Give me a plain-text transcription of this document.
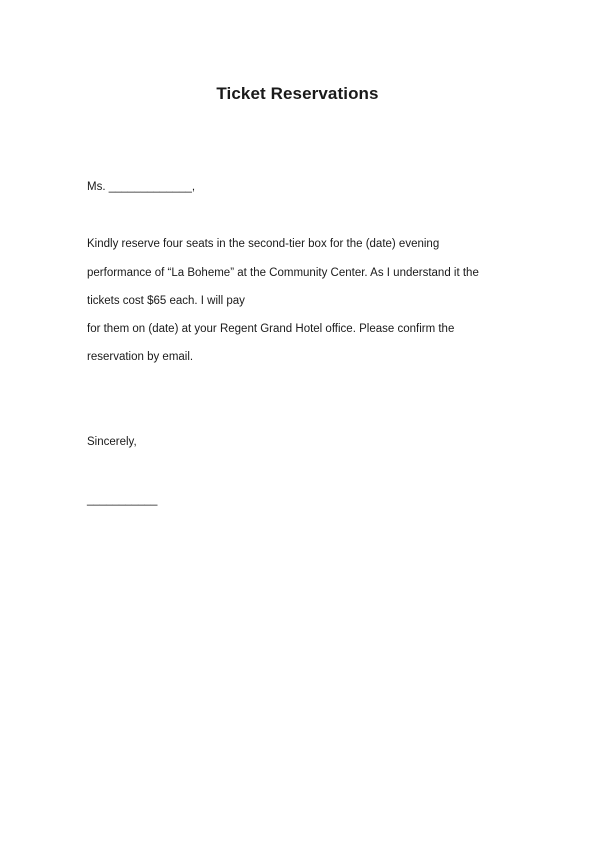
Ticket Reservations
Ms. _____________,
Kindly reserve four seats in the second-tier box for the (date) evening
performance of “La Boheme” at the Community Center. As I understand it the
tickets cost $65 each. I will pay
for them on (date) at your Regent Grand Hotel office. Please confirm the
reservation by email.
Sincerely,
___________
